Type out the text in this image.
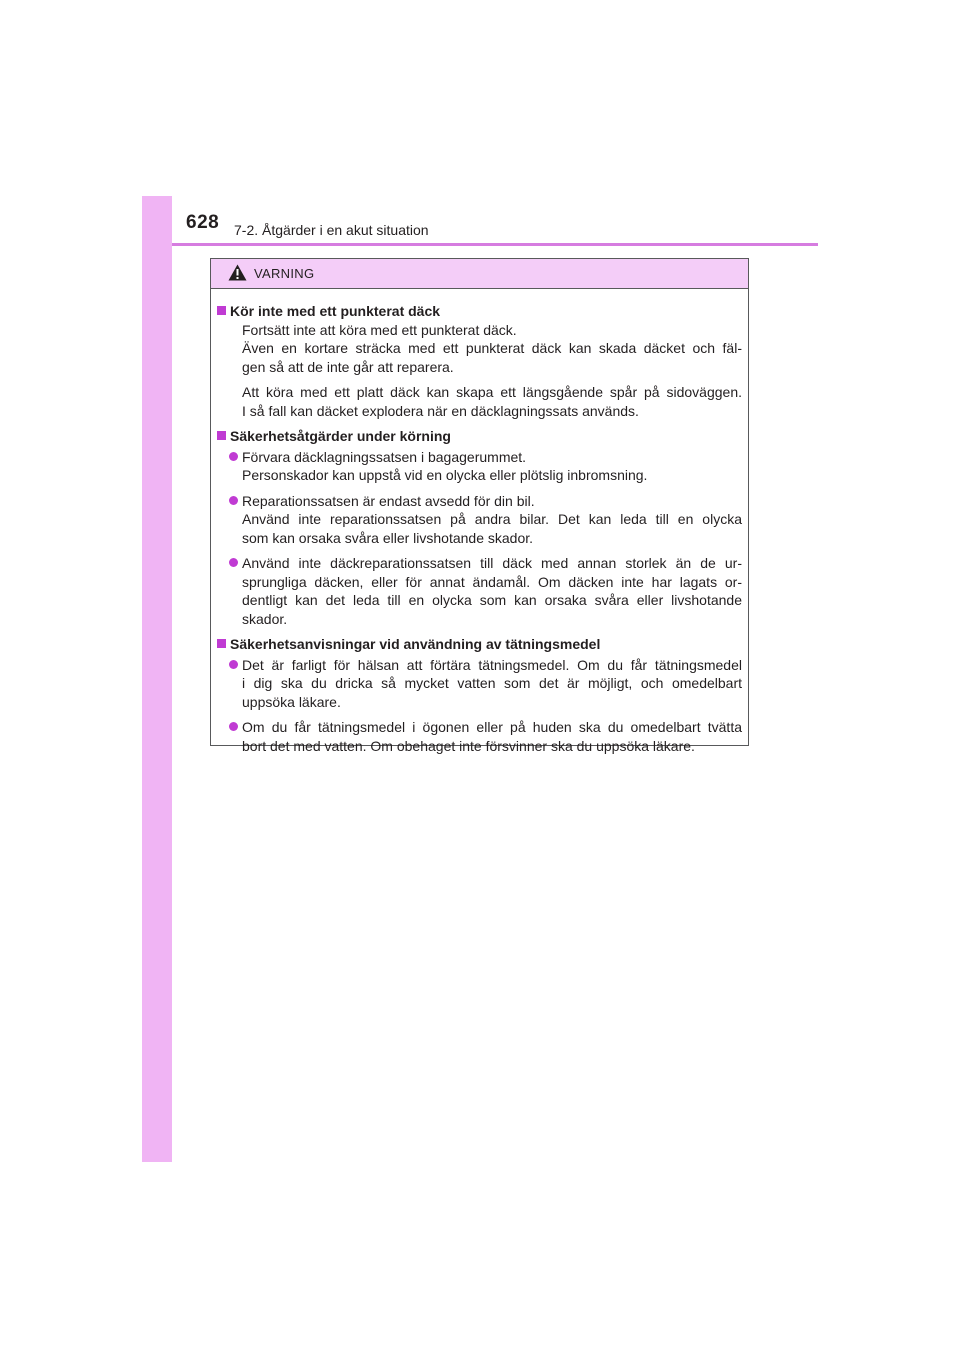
628 7-2. Åtgärder i en akut situation
VARNING

Kör inte med ett punkterat däck

Fortsätt inte att köra med ett punkterat däck.
Även en kortare sträcka med ett punkterat däck kan skada däcket och fäl-
gen så att de inte går att reparera.

Att köra med ett platt däck kan skapa ett längsgående spår på sidoväggen.
I så fall kan däcket explodera när en däcklagningssats används.

Säkerhetsåtgärder under körning

Förvara däcklagningssatsen i bagagerummet.
Personskador kan uppstå vid en olycka eller plötslig inbromsning.

Reparationssatsen är endast avsedd för din bil.
Använd inte reparationssatsen på andra bilar. Det kan leda till en olycka
som kan orsaka svåra eller livshotande skador.

Använd inte däckreparationssatsen till däck med annan storlek än de ur-
sprungliga däcken, eller för annat ändamål. Om däcken inte har lagats or-
dentligt kan det leda till en olycka som kan orsaka svåra eller livshotande
skador.

Säkerhetsanvisningar vid användning av tätningsmedel

Det är farligt för hälsan att förtära tätningsmedel. Om du får tätningsmedel
i dig ska du dricka så mycket vatten som det är möjligt, och omedelbart
uppsöka läkare.

Om du får tätningsmedel i ögonen eller på huden ska du omedelbart tvätta
bort det med vatten. Om obehaget inte försvinner ska du uppsöka läkare.
